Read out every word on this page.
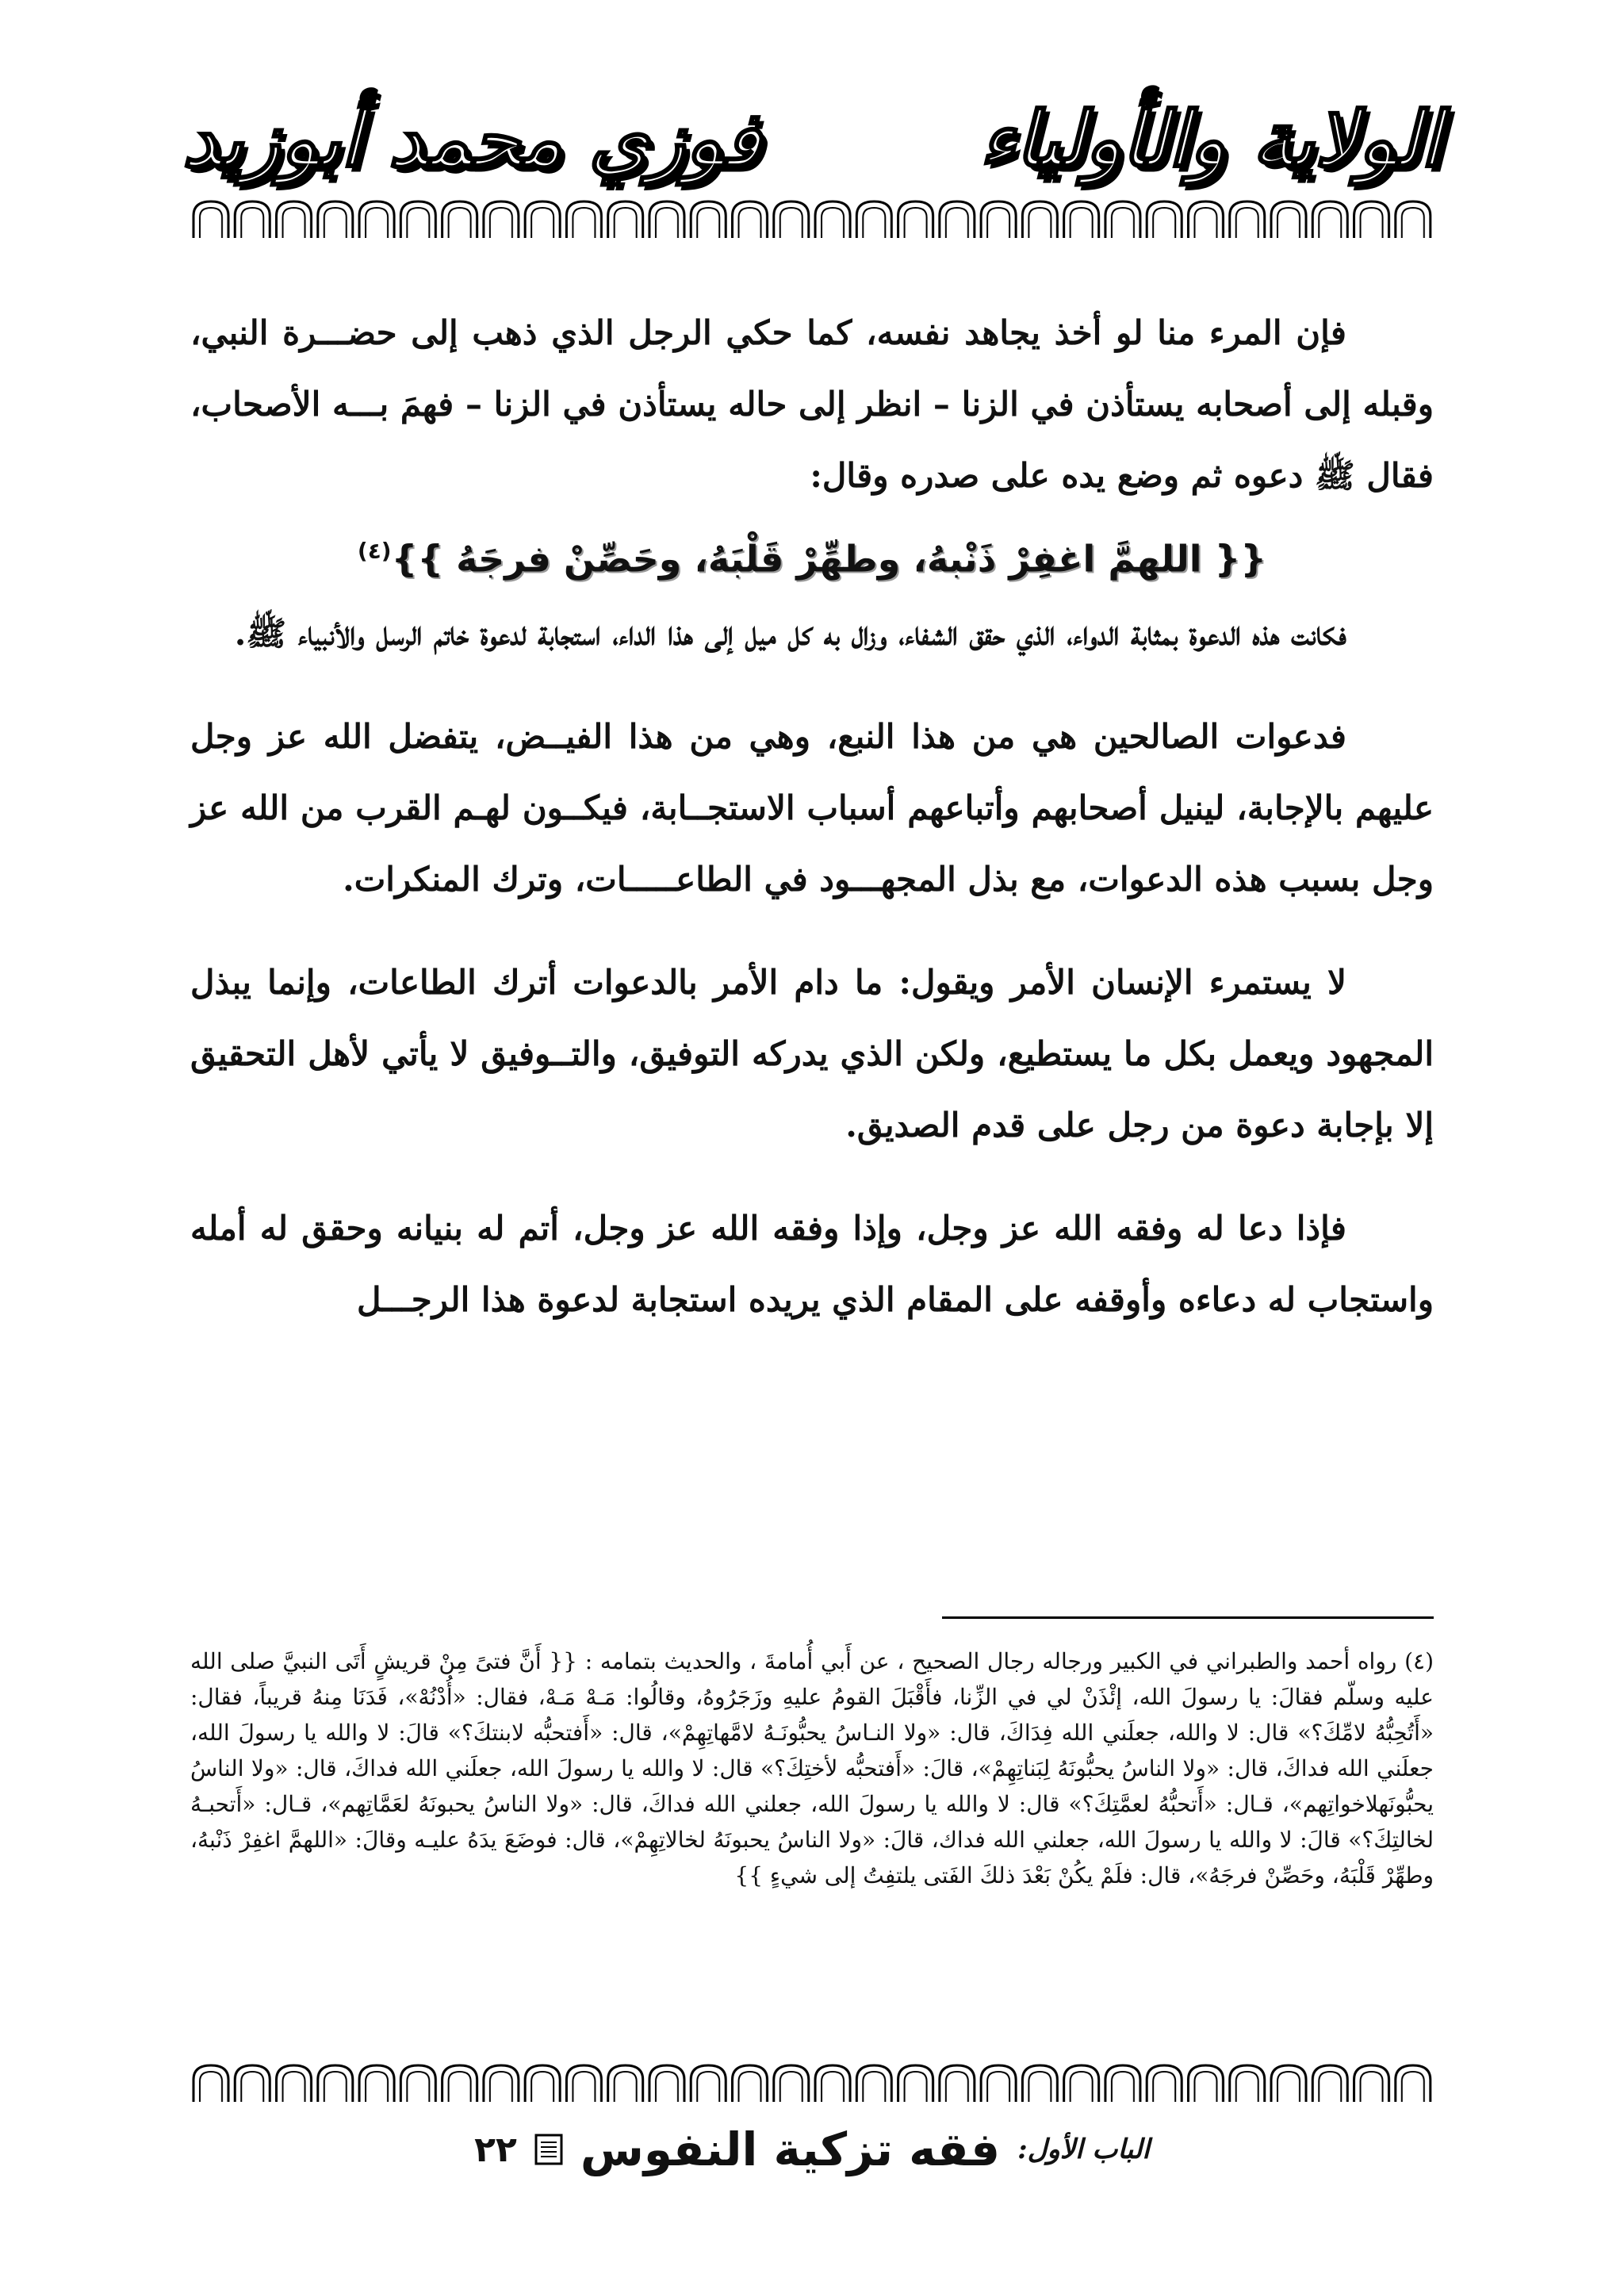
الولاية والأولياء
فوزي محمد أبوزيد

فإن المرء منا لو أخذ يجاهد نفسه، كما حكي الرجل الذي ذهب إلى حضـــرة النبي، وقبله إلى أصحابه يستأذن في الزنا – انظر إلى حاله يستأذن في الزنا – فهمَ بـــه الأصحاب، فقال ﷺ دعوه ثم وضع يده على صدره وقال:

{{ اللهمَّ اغفِرْ ذَنْبهُ، وطهِّرْ قَلْبَهُ، وحَصِّنْ فرجَهُ }}$^{(٤)}$

فكانت هذه الدعوة بمثابة الدواء، الذي حقق الشفاء، وزال به كل ميل إلى هذا الداء، استجابة لدعوة خاتم الرسل والأنبياء ﷺ.

فدعوات الصالحين هي من هذا النبع، وهي من هذا الفيــض، يتفضل الله عز وجل عليهم بالإجابة، لينيل أصحابهم وأتباعهم أسباب الاستجــابة، فيكــون لهـم القرب من الله عز وجل بسبب هذه الدعوات، مع بذل المجهـــود في الطاعـــــات، وترك المنكرات.

لا يستمرء الإنسان الأمر ويقول: ما دام الأمر بالدعوات أترك الطاعات، وإنما يبذل المجهود ويعمل بكل ما يستطيع، ولكن الذي يدركه التوفيق، والتــوفيق لا يأتي لأهل التحقيق إلا بإجابة دعوة من رجل على قدم الصديق.

فإذا دعا له وفقه الله عز وجل، وإذا وفقه الله عز وجل، أتم له بنيانه وحقق له أمله واستجاب له دعاءه وأوقفه على المقام الذي يريده استجابة لدعوة هذا الرجـــل

(٤) رواه أحمد والطبراني في الكبير ورجاله رجال الصحيح ، عن أَبي أُمامةَ ، والحديث بتمامه : {{ أَنَّ فتىً مِنْ قريشٍ أَتَى النبيَّ صلى الله عليه وسلّم فقالَ: يا رسولَ الله، إئْذَنْ لي في الزِّنا، فأَقْبَلَ القومُ عليهِ وزَجَرُوهُ، وقالُوا: مَـهْ مَـهْ، فقال: «أُدْنُهْ»، فَدَنَا مِنهُ قريباً، فقال: «أَتُحِبُّهُ لامِّكَ؟» قال: لا والله، جعلَني الله فِدَاكَ، قال: «ولا النـاسُ يحبُّونَـهُ لامَّهاتِهِمْ»، قال: «أَفتحبُّه لابنتكَ؟» قالَ: لا والله يا رسولَ الله، جعلَني الله فداكَ، قال: «ولا الناسُ يحبُّونَهُ لِبَناتِهِمْ»، قالَ: «أَفتحبُّه لأختِكَ؟» قال: لا والله يا رسولَ الله، جعلَني الله فداكَ، قال: «ولا الناسُ يحبُّونَهلاخواتِهم»، قـال: «أَتحبُّهُ لعمَّتِكَ؟» قال: لا والله يا رسولَ الله، جعلني الله فداكَ، قال: «ولا الناسُ يحبونَهُ لعَمَّاتِهم»، قـال: «أَتحبـهُ لخالتِكَ؟» قالَ: لا والله يا رسولَ الله، جعلني الله فداك، قالَ: «ولا الناسُ يحبونَهُ لخالاتِهِمْ»، قال: فوضَعَ يدَهُ عليـه وقالَ: «اللهمَّ اغفِرْ ذَنْبهُ، وطهِّرْ قَلْبَهُ، وحَصِّنْ فرجَهُ»، قال: فلَمْ يكُنْ بَعْدَ ذلكَ الفَتى يلتفِتُ إلى شيءٍ }}

الباب الأول:
فقه تزكية النفوس
٢٢
